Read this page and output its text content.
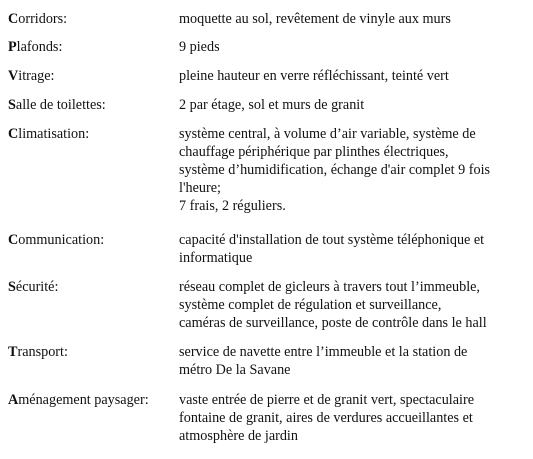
Corridors:	moquette au sol, revêtement de vinyle aux murs
Plafonds:	9 pieds
Vitrage:	pleine hauteur en verre réfléchissant, teinté vert
Salle de toilettes:	2 par étage, sol et murs de granit
Climatisation:	système central, à volume d’air variable, système de
chauffage périphérique par plinthes électriques,
système d’humidification, échange d'air complet 9 fois
l'heure;
7 frais, 2 réguliers.
Communication:	capacité d'installation de tout système téléphonique et
informatique
Sécurité:	réseau complet de gicleurs à travers tout l’immeuble,
système complet de régulation et surveillance,
caméras de surveillance, poste de contrôle dans le hall
Transport:	service de navette entre l’immeuble et la station de
métro De la Savane
Aménagement paysager:	vaste entrée de pierre et de granit vert, spectaculaire
fontaine de granit, aires de verdures accueillantes et
atmosphère de jardin
